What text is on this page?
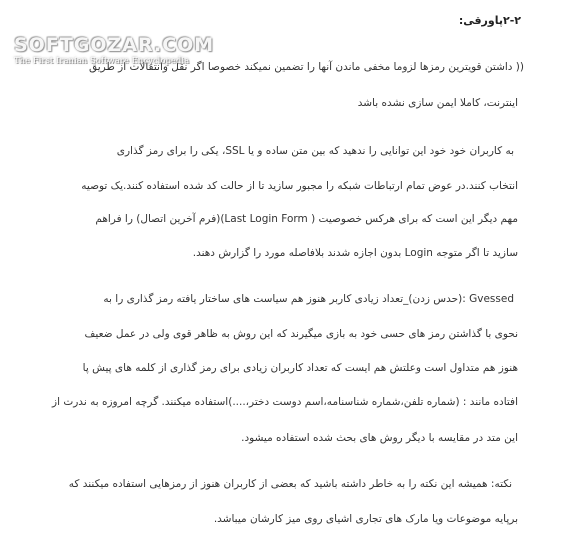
۲-۲پاورقی:
(( داشتن قویترین رمزها لزوما مخفی ماندن آنها را تضمین نمیکند خصوصا اگر نقل وانتقالات از طریق
اینترنت، کاملا ایمن سازی نشده باشد
به کاربران خود خود این توانایی را ندهید که بین متن ساده و یا SSL، یکی را برای رمز گذاری
انتخاب کنند.در عوض تمام ارتباطات شبکه را مجبور سازید تا از حالت کد شده استفاده کنند.یک توصیه
مهم دیگر این است که برای هرکس خصوصیت ( Last Login Form)(فرم آخرین اتصال) را فراهم
سازید تا اگر متوجه Login بدون اجازه شدند بلافاصله مورد را گزارش دهند.
Gvessed :(حدس زدن)_تعداد زیادی کاربر هنوز هم سیاست های ساختار یافته رمز گذاری را به
نحوی با گذاشتن رمز های حسی خود به بازی میگیرند که این روش به ظاهر قوی ولی در عمل ضعیف
هنوز هم متداول است وعلتش هم ایست که تعداد کاربران زیادی برای رمز گذاری از کلمه های پیش پا
افتاده مانند : (شماره تلفن،شماره شناسنامه،اسم دوست دختر،....)استفاده میکنند. گرچه امروزه به ندرت از
این متد در مقایسه با دیگر روش های بحث شده استفاده میشود.
نکته: همیشه این نکته را به خاطر داشته باشید که بعضی از کاربران هنوز از رمزهایی استفاده میکنند که
برپایه موضوعات ویا مارک های تجاری اشیای روی میز کارشان میباشد.
SOFTGOZAR.COM
The First Iranian Software Encyclopedia
